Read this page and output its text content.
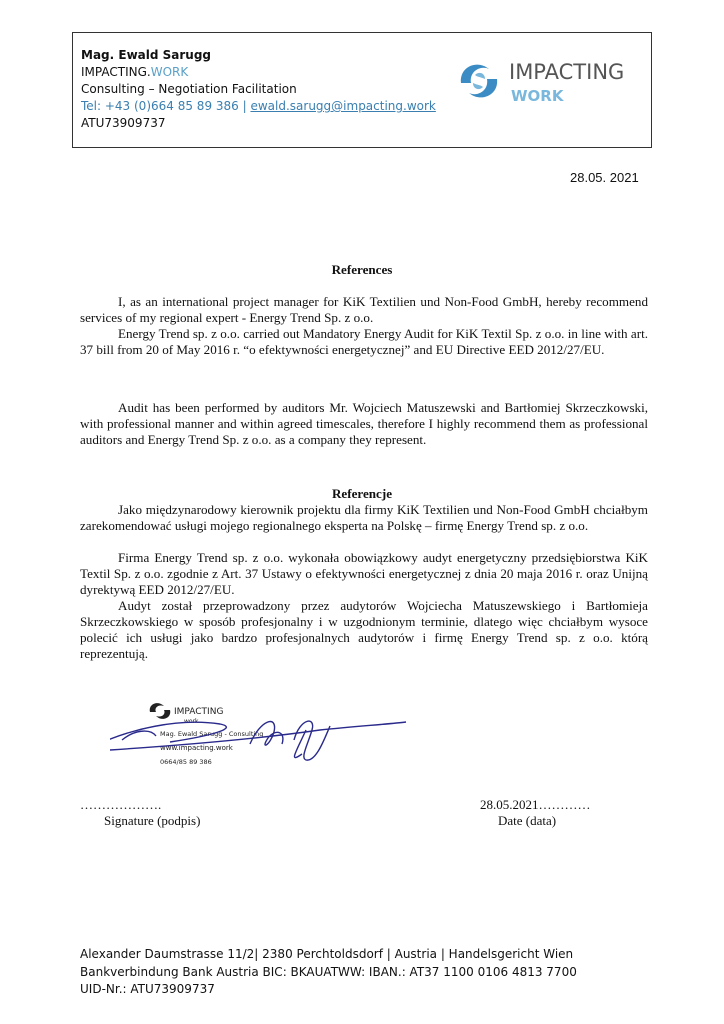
Mag. Ewald Sarugg
IMPACTING.WORK
Consulting – Negotiation Facilitation
Tel: +43 (0)664 85 89 386 | ewald.sarugg@impacting.work
ATU73909737
IMPACTING
WORK
28.05. 2021
References

I, as an international project manager for KiK Textilien und Non-Food GmbH, hereby recommend services of my regional expert - Energy Trend Sp. z o.o.

Energy Trend sp. z o.o. carried out Mandatory Energy Audit for KiK Textil Sp. z o.o. in line with art. 37 bill from 20 of May 2016 r. “o efektywności energetycznej” and EU Directive EED 2012/27/EU.

Audit has been performed by auditors Mr. Wojciech Matuszewski and Bartłomiej Skrzeczkowski, with professional manner and within agreed timescales, therefore I highly recommend them as professional auditors and Energy Trend Sp. z o.o. as a company they represent.

Referencje

Jako międzynarodowy kierownik projektu dla firmy KiK Textilien und Non-Food GmbH chciałbym zarekomendować usługi mojego regionalnego eksperta na Polskę – firmę Energy Trend sp. z o.o.

Firma Energy Trend sp. z o.o. wykonała obowiązkowy audyt energetyczny przedsiębiorstwa KiK Textil Sp. z o.o. zgodnie z Art. 37 Ustawy o efektywności energetycznej z dnia 20 maja 2016 r. oraz Unijną dyrektywą EED 2012/27/EU.

Audyt został przeprowadzony przez audytorów Wojciecha Matuszewskiego i Bartłomieja Skrzeczkowskiego w sposób profesjonalny i w uzgodnionym terminie, dlatego więc chciałbym wysoce polecić ich usługi jako bardzo profesjonalnych audytorów i firmę Energy Trend sp. z o.o. którą reprezentują.

IMPACTING
work
Mag. Ewald Sarugg - Consulting
www.impacting.work
0664/85 89 386
……………….
Signature (podpis)
28.05.2021…………
Date (data)
Alexander Daumstrasse 11/2| 2380 Perchtoldsdorf | Austria | Handelsgericht Wien
Bankverbindung Bank Austria BIC: BKAUATWW: IBAN.: AT37 1100 0106 4813 7700
UID-Nr.: ATU73909737
